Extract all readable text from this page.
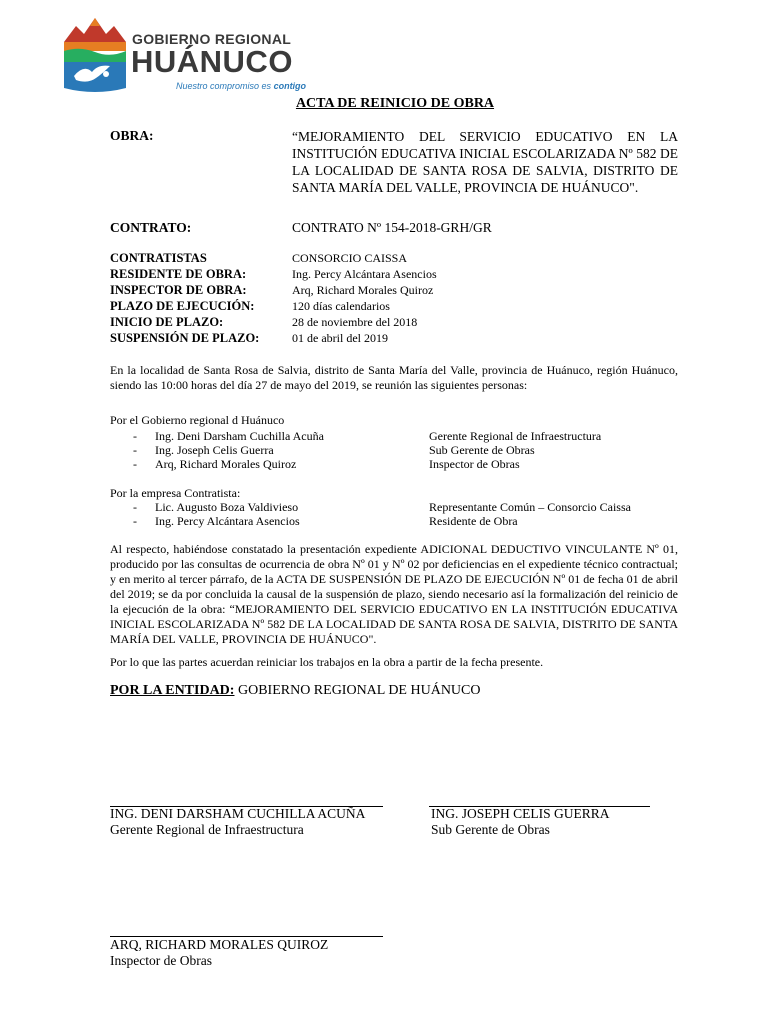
GOBIERNO REGIONAL
HUÁNUCO
Nuestro compromiso es contigo
ACTA DE REINICIO DE OBRA
OBRA:	“MEJORAMIENTO DEL SERVICIO EDUCATIVO EN LA INSTITUCIÓN EDUCATIVA INICIAL ESCOLARIZADA Nº 582 DE LA LOCALIDAD DE SANTA ROSA DE SALVIA, DISTRITO DE SANTA MARÍA DEL VALLE, PROVINCIA DE HUÁNUCO".
CONTRATO:	CONTRATO Nº 154-2018-GRH/GR
CONTRATISTAS	CONSORCIO CAISSA
RESIDENTE DE OBRA:	Ing. Percy Alcántara Asencios
INSPECTOR DE OBRA:	Arq, Richard Morales Quiroz
PLAZO DE EJECUCIÓN:	120 días calendarios
INICIO DE PLAZO:	28 de noviembre del 2018
SUSPENSIÓN DE PLAZO:	01 de abril del 2019
En la localidad de Santa Rosa de Salvia, distrito de Santa María del Valle, provincia de Huánuco, región Huánuco, siendo las 10:00 horas del día 27 de mayo del 2019, se reunión las siguientes personas:
Por el Gobierno regional d Huánuco
- Ing. Deni Darsham Cuchilla Acuña	Gerente Regional de Infraestructura
- Ing. Joseph Celis Guerra	Sub Gerente de Obras
- Arq, Richard Morales Quiroz	Inspector de Obras
Por la empresa Contratista:
- Lic. Augusto Boza Valdivieso	Representante Común – Consorcio Caissa
- Ing. Percy Alcántara Asencios	Residente de Obra
Al respecto, habiéndose constatado la presentación expediente ADICIONAL DEDUCTIVO VINCULANTE Nº 01, producido por las consultas de ocurrencia de obra Nº 01 y Nº 02 por deficiencias en el expediente técnico contractual; y en merito al tercer párrafo, de la ACTA DE SUSPENSIÓN DE PLAZO DE EJECUCIÓN Nº 01 de fecha 01 de abril del 2019; se da por concluida la causal de la suspensión de plazo, siendo necesario así la formalización del reinicio de la ejecución de la obra: “MEJORAMIENTO DEL SERVICIO EDUCATIVO EN LA INSTITUCIÓN EDUCATIVA INICIAL ESCOLARIZADA Nº 582 DE LA LOCALIDAD DE SANTA ROSA DE SALVIA, DISTRITO DE SANTA MARÍA DEL VALLE, PROVINCIA DE HUÁNUCO".
Por lo que las partes acuerdan reiniciar los trabajos en la obra a partir de la fecha presente.
POR LA ENTIDAD: GOBIERNO REGIONAL DE HUÁNUCO
ING. DENI DARSHAM CUCHILLA ACUÑA
Gerente Regional de Infraestructura
ING. JOSEPH CELIS GUERRA
Sub Gerente de Obras
ARQ, RICHARD MORALES QUIROZ
Inspector de Obras
